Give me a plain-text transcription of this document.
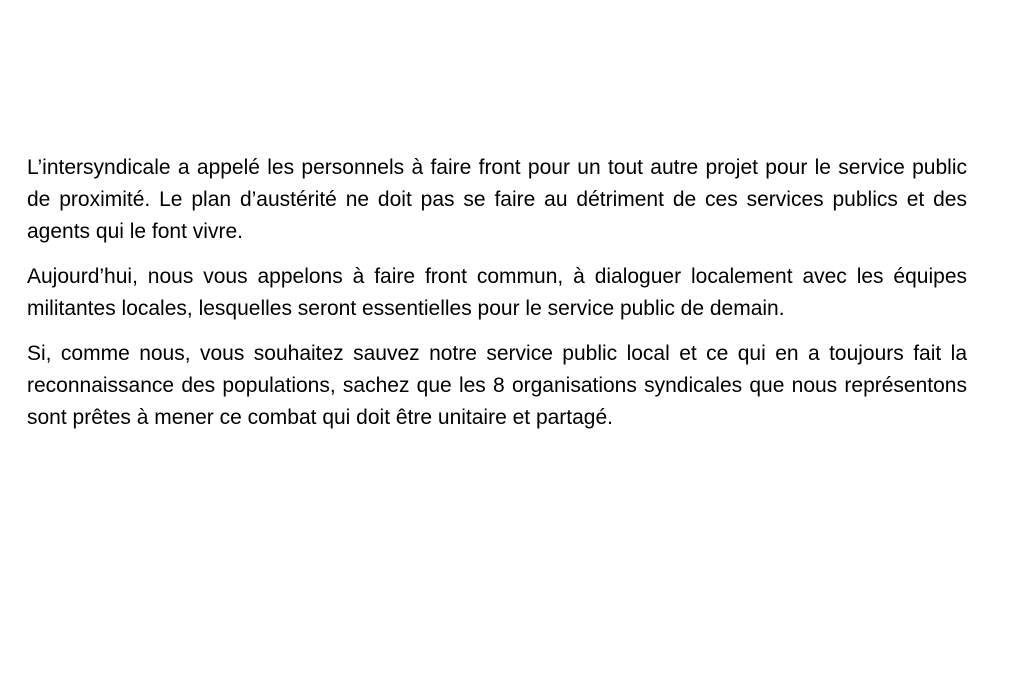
L’intersyndicale a appelé les personnels à faire front pour un tout autre projet pour le service public de proximité. Le plan d’austérité ne doit pas se faire au détriment de ces services publics et des agents qui le font vivre.

Aujourd’hui, nous vous appelons à faire front commun, à dialoguer localement avec les équipes militantes locales, lesquelles seront essentielles pour le service public de demain.

Si, comme nous, vous souhaitez sauvez notre service public local et ce qui en a toujours fait la reconnaissance des populations, sachez que les 8 organisations syndicales que nous représentons sont prêtes à mener ce combat qui doit être unitaire et partagé.
